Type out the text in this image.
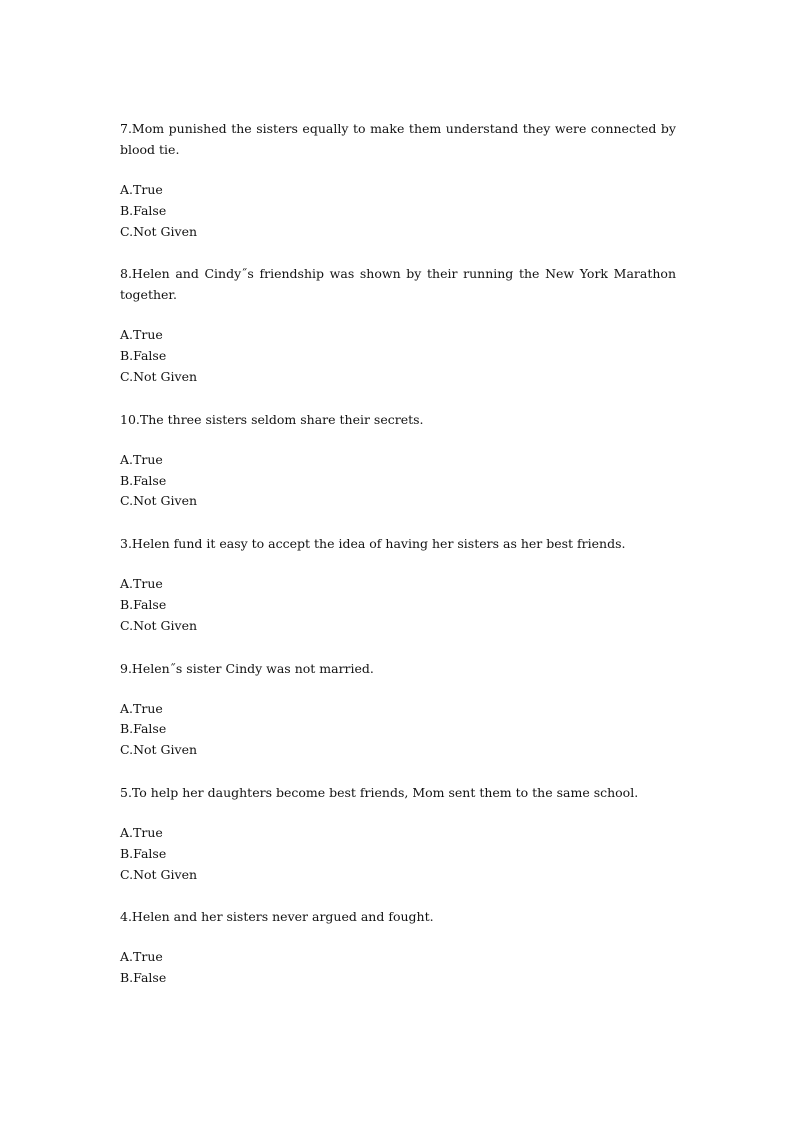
7.Mom punished the sisters equally to make them understand they were connected by blood tie.
A.True
B.False
C.Not Given
8.Helen and Cindy˝s friendship was shown by their running the New York Marathon together.
A.True
B.False
C.Not Given
10.The three sisters seldom share their secrets.
A.True
B.False
C.Not Given
3.Helen fund it easy to accept the idea of having her sisters as her best friends.
A.True
B.False
C.Not Given
9.Helen˝s sister Cindy was not married.
A.True
B.False
C.Not Given
5.To help her daughters become best friends, Mom sent them to the same school.
A.True
B.False
C.Not Given
4.Helen and her sisters never argued and fought.
A.True
B.False
